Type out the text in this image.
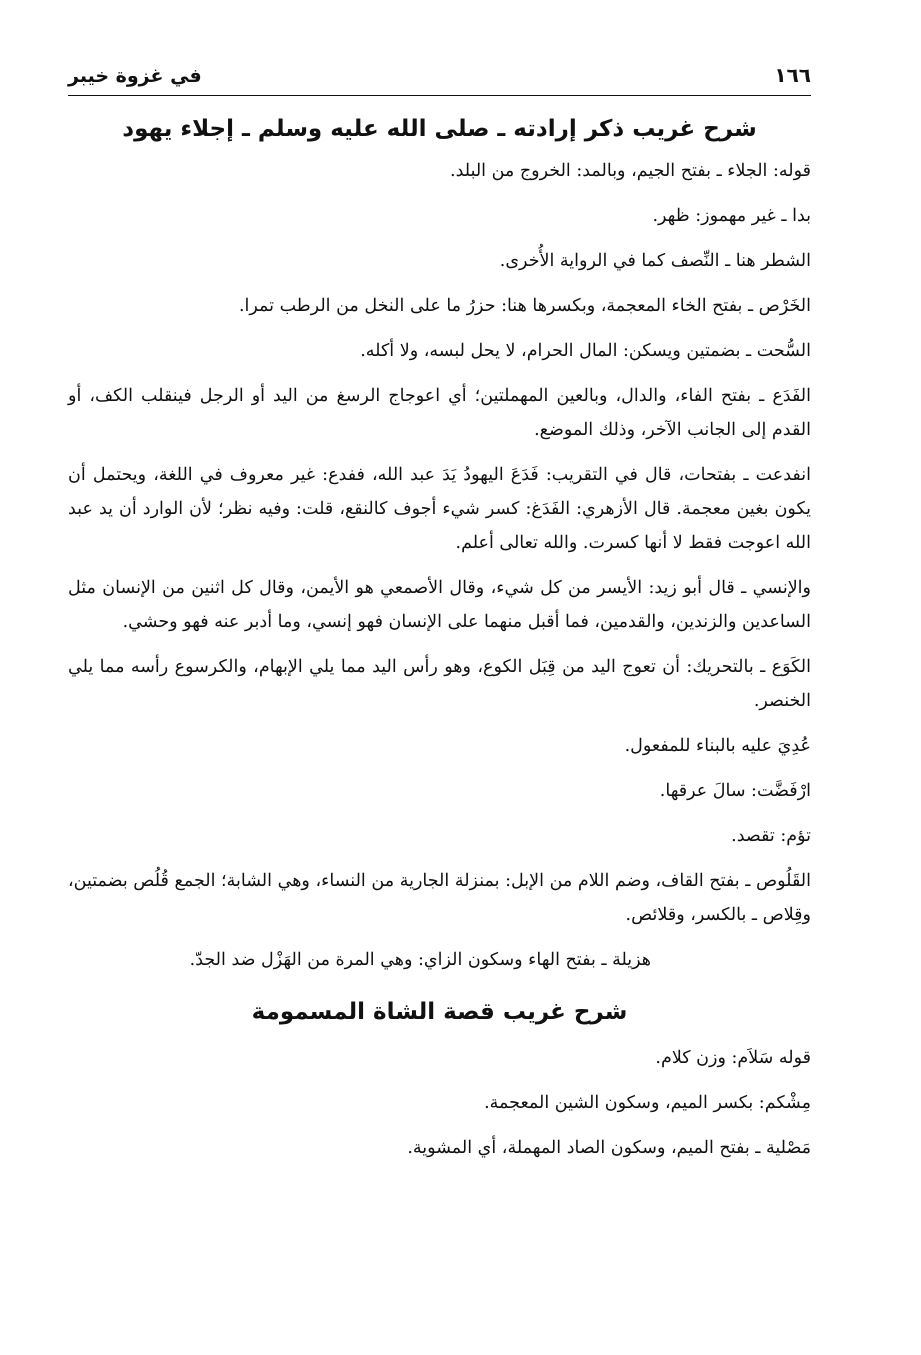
١٦٦
في غزوة خيبر
شرح غريب ذكر إرادته ـ صلى الله عليه وسلم ـ إجلاء يهود

قوله: الجلاء ـ بفتح الجيم، وبالمد: الخروج من البلد.

بدا ـ غير مهموز: ظهر.

الشطر هنا ـ النِّصف كما في الرواية الأُخرى.

الخَرْص ـ بفتح الخاء المعجمة، وبكسرها هنا: حزرُ ما على النخل من الرطب تمرا.

السُّحت ـ بضمتين ويسكن: المال الحرام، لا يحل لبسه، ولا أكله.

الفَدَع ـ بفتح الفاء، والدال، وبالعين المهملتين؛ أي اعوجاج الرسغ من اليد أو الرجل فينقلب الكف، أو القدم إلى الجانب الآخر، وذلك الموضع.

انفدعت ـ بفتحات، قال في التقريب: فَدَعَ اليهودُ يَدَ عبد الله، ففدع: غير معروف في اللغة، ويحتمل أن يكون بغين معجمة. قال الأزهري: الفَدَغ: كسر شيء أجوف كالنقع، قلت: وفيه نظر؛ لأن الوارد أن يد عبد الله اعوجت فقط لا أنها كسرت. والله تعالى أعلم.

والإنسي ـ قال أبو زيد: الأيسر من كل شيء، وقال الأصمعي هو الأيمن، وقال كل اثنين من الإنسان مثل الساعدين والزندين، والقدمين، فما أقبل منهما على الإنسان فهو إنسي، وما أدبر عنه فهو وحشي.

الكَوَع ـ بالتحريك: أن تعوج اليد من قِبَل الكوع، وهو رأس اليد مما يلي الإبهام، والكرسوع رأسه مما يلي الخنصر.

عُدِيَ عليه بالبناء للمفعول.

ارْفَضَّت: سالَ عرقها.

تؤم: تقصد.

القَلُوص ـ بفتح القاف، وضم اللام من الإبل: بمنزلة الجارية من النساء، وهي الشابة؛ الجمع قُلُص بضمتين، وقِلاص ـ بالكسر، وقلائص.

هزيلة ـ بفتح الهاء وسكون الزاي: وهي المرة من الهَزْل ضد الجدّ.

شرح غريب قصة الشاة المسمومة

قوله سَلاَم: وزن كلام.

مِشْكم: بكسر الميم، وسكون الشين المعجمة.

مَصْلية ـ بفتح الميم، وسكون الصاد المهملة، أي المشوية.
